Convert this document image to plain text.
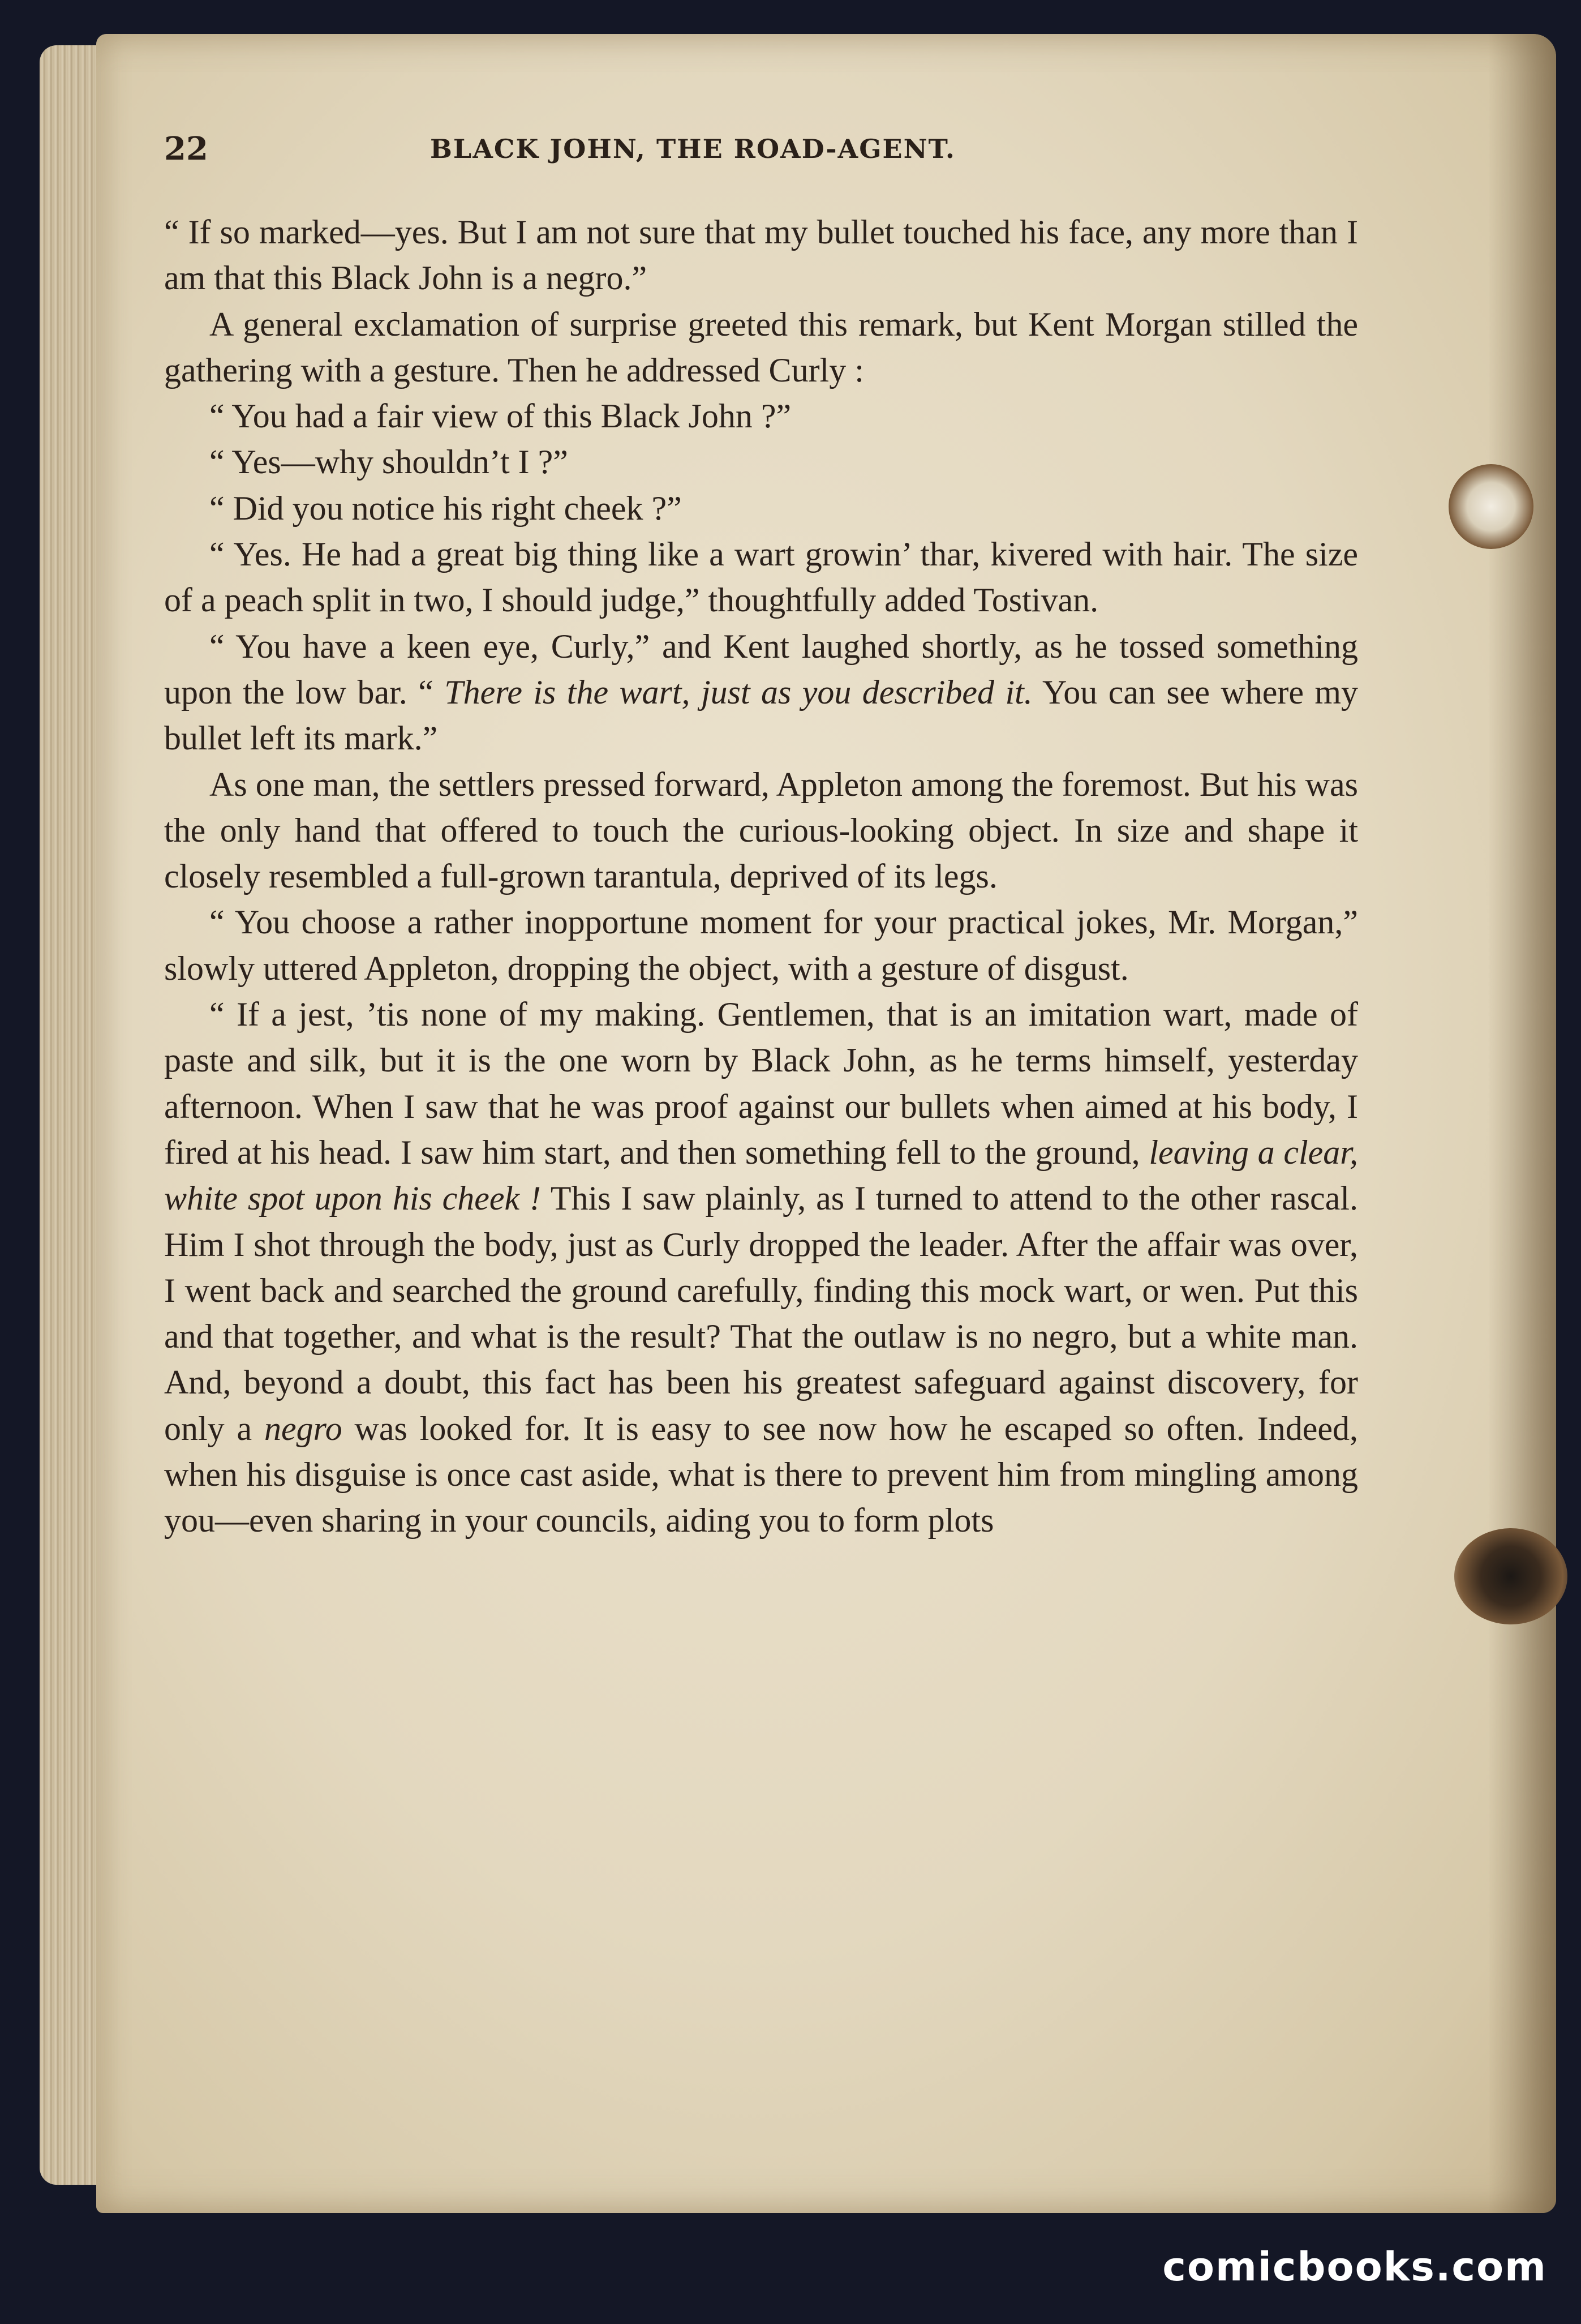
22	BLACK JOHN, THE ROAD-AGENT.

“ If so marked—yes. But I am not sure that my bullet touched his face, any more than I am that this Black John is a negro.”

A general exclamation of surprise greeted this remark, but Kent Morgan stilled the gathering with a gesture. Then he addressed Curly :

“ You had a fair view of this Black John ?”

“ Yes—why shouldn’t I ?”

“ Did you notice his right cheek ?”

“ Yes. He had a great big thing like a wart growin’ thar, kivered with hair. The size of a peach split in two, I should judge,” thoughtfully added Tostivan.

“ You have a keen eye, Curly,” and Kent laughed shortly, as he tossed something upon the low bar. “ There is the wart, just as you described it. You can see where my bullet left its mark.”

As one man, the settlers pressed forward, Appleton among the foremost. But his was the only hand that offered to touch the curious-looking object. In size and shape it closely resembled a full-grown tarantula, deprived of its legs.

“ You choose a rather inopportune moment for your practical jokes, Mr. Morgan,” slowly uttered Appleton, dropping the object, with a gesture of disgust.

“ If a jest, ’tis none of my making. Gentlemen, that is an imitation wart, made of paste and silk, but it is the one worn by Black John, as he terms himself, yesterday afternoon. When I saw that he was proof against our bullets when aimed at his body, I fired at his head. I saw him start, and then something fell to the ground, leaving a clear, white spot upon his cheek ! This I saw plainly, as I turned to attend to the other rascal. Him I shot through the body, just as Curly dropped the leader. After the affair was over, I went back and searched the ground carefully, finding this mock wart, or wen. Put this and that together, and what is the result? That the outlaw is no negro, but a white man. And, beyond a doubt, this fact has been his greatest safeguard against discovery, for only a negro was looked for. It is easy to see now how he escaped so often. Indeed, when his disguise is once cast aside, what is there to prevent him from mingling among you—even sharing in your councils, aiding you to form plots

comicbooks.com
